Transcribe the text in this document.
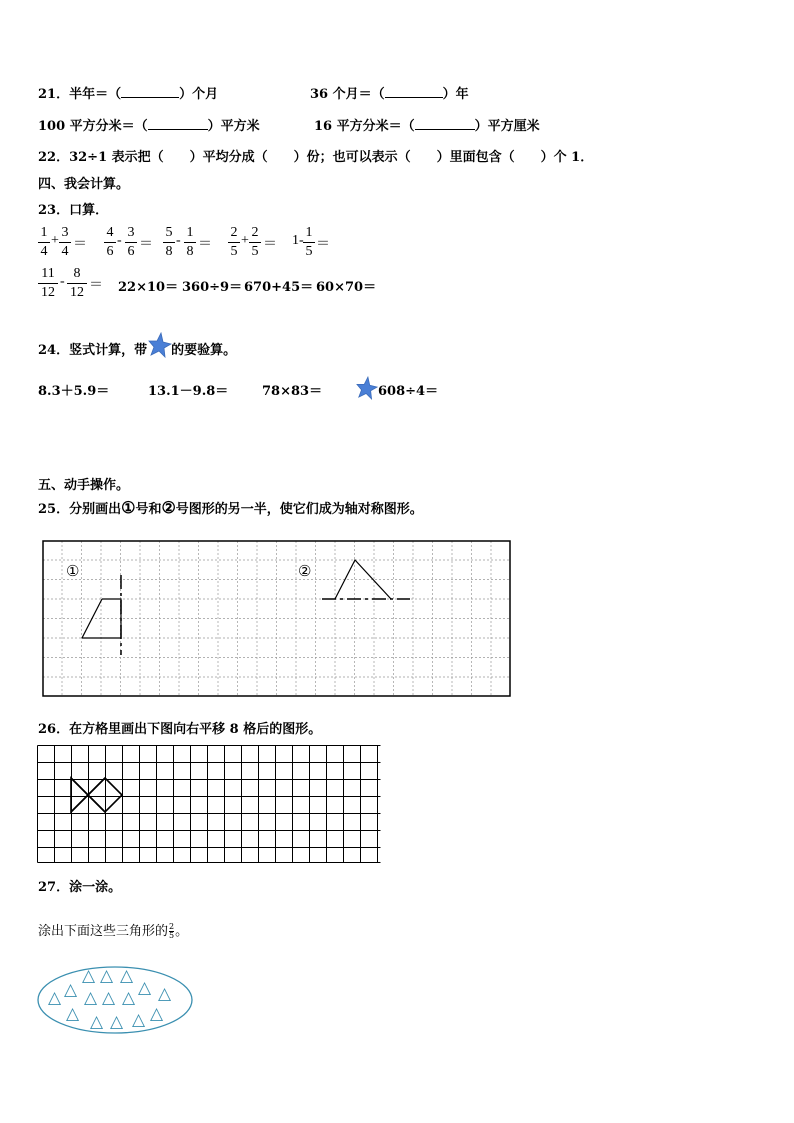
21．半年＝（	）个月	36 个月＝（	）年
100 平方分米＝（	）平方米	16 平方分米＝（	）平方厘米
22．32÷1 表示把（　　）平均分成（　　）份；也可以表示（　　）里面包含（　　）个 1．
四、我会计算。
23．口算．
1
4
+
3
4 ＝
4
6
-
3
6 ＝
5
8
-
1
8 ＝
2
5
+
2
5 ＝ 1-
1
5 ＝
11
12
-
8
12 ＝ 22×10＝ 360÷9＝ 670+45＝ 60×70＝
24．竖式计算，带 的要验算。
8.3＋5.9＝	13.1－9.8＝	78×83＝	608÷4＝
五、动手操作。
25．分别画出①号和②号图形的另一半，使它们成为轴对称图形。
①	②
26．在方格里画出下图向右平移 8 格后的图形。
27．涂一涂。
涂出下面这些三角形的 $\frac{2}{5}$ 。
△ △ △
△ △ △ △ △ △ △
△ △ △ △ △
